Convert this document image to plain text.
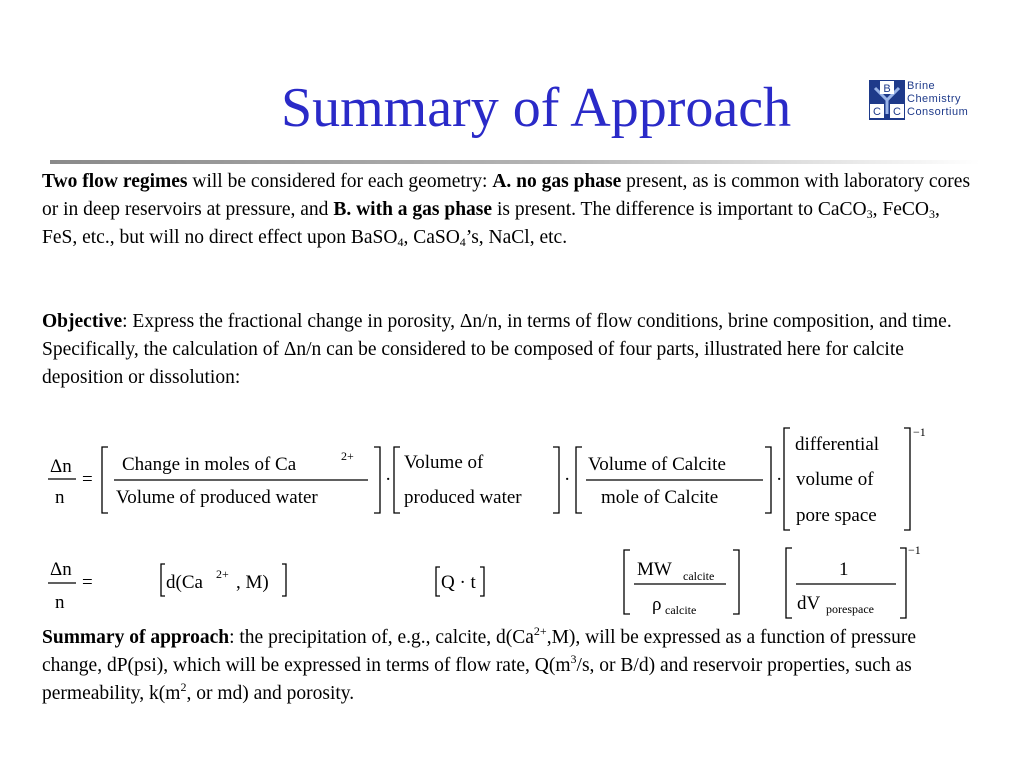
Summary of Approach	B
C C
Brine
Chemistry
Consortium
Two flow regimes will be considered for each geometry: A. no gas phase present, as is common with laboratory cores or in deep reservoirs at pressure, and B. with a gas phase is present. The difference is important to CaCO$_3$, FeCO$_3$, FeS, etc., but will no direct effect upon BaSO$_4$, CaSO$_4$’s, NaCl, etc.
Objective: Express the fractional change in porosity, Δn/n, in terms of flow conditions, brine composition, and time. Specifically, the calculation of Δn/n can be considered to be composed of four parts, illustrated here for calcite deposition or dissolution:
Δn
n
=
Change in moles of Ca	2+
Volume of produced water
·
Volume of
produced water
·
Volume of Calcite
mole of Calcite
·
differential
volume of
pore space
−1
Δn
n
=	d(Ca 2+ , M)	Q · t
MW calcite
ρ calcite
1
dV porespace
−1
Summary of approach: the precipitation of, e.g., calcite, $d(Ca^{2+},M)$, will be expressed as a function of pressure change, dP(psi), which will be expressed in terms of flow rate, $Q(m^3/s$, or B/d) and reservoir properties, such as permeability, $k(m^2$, or md) and porosity.
